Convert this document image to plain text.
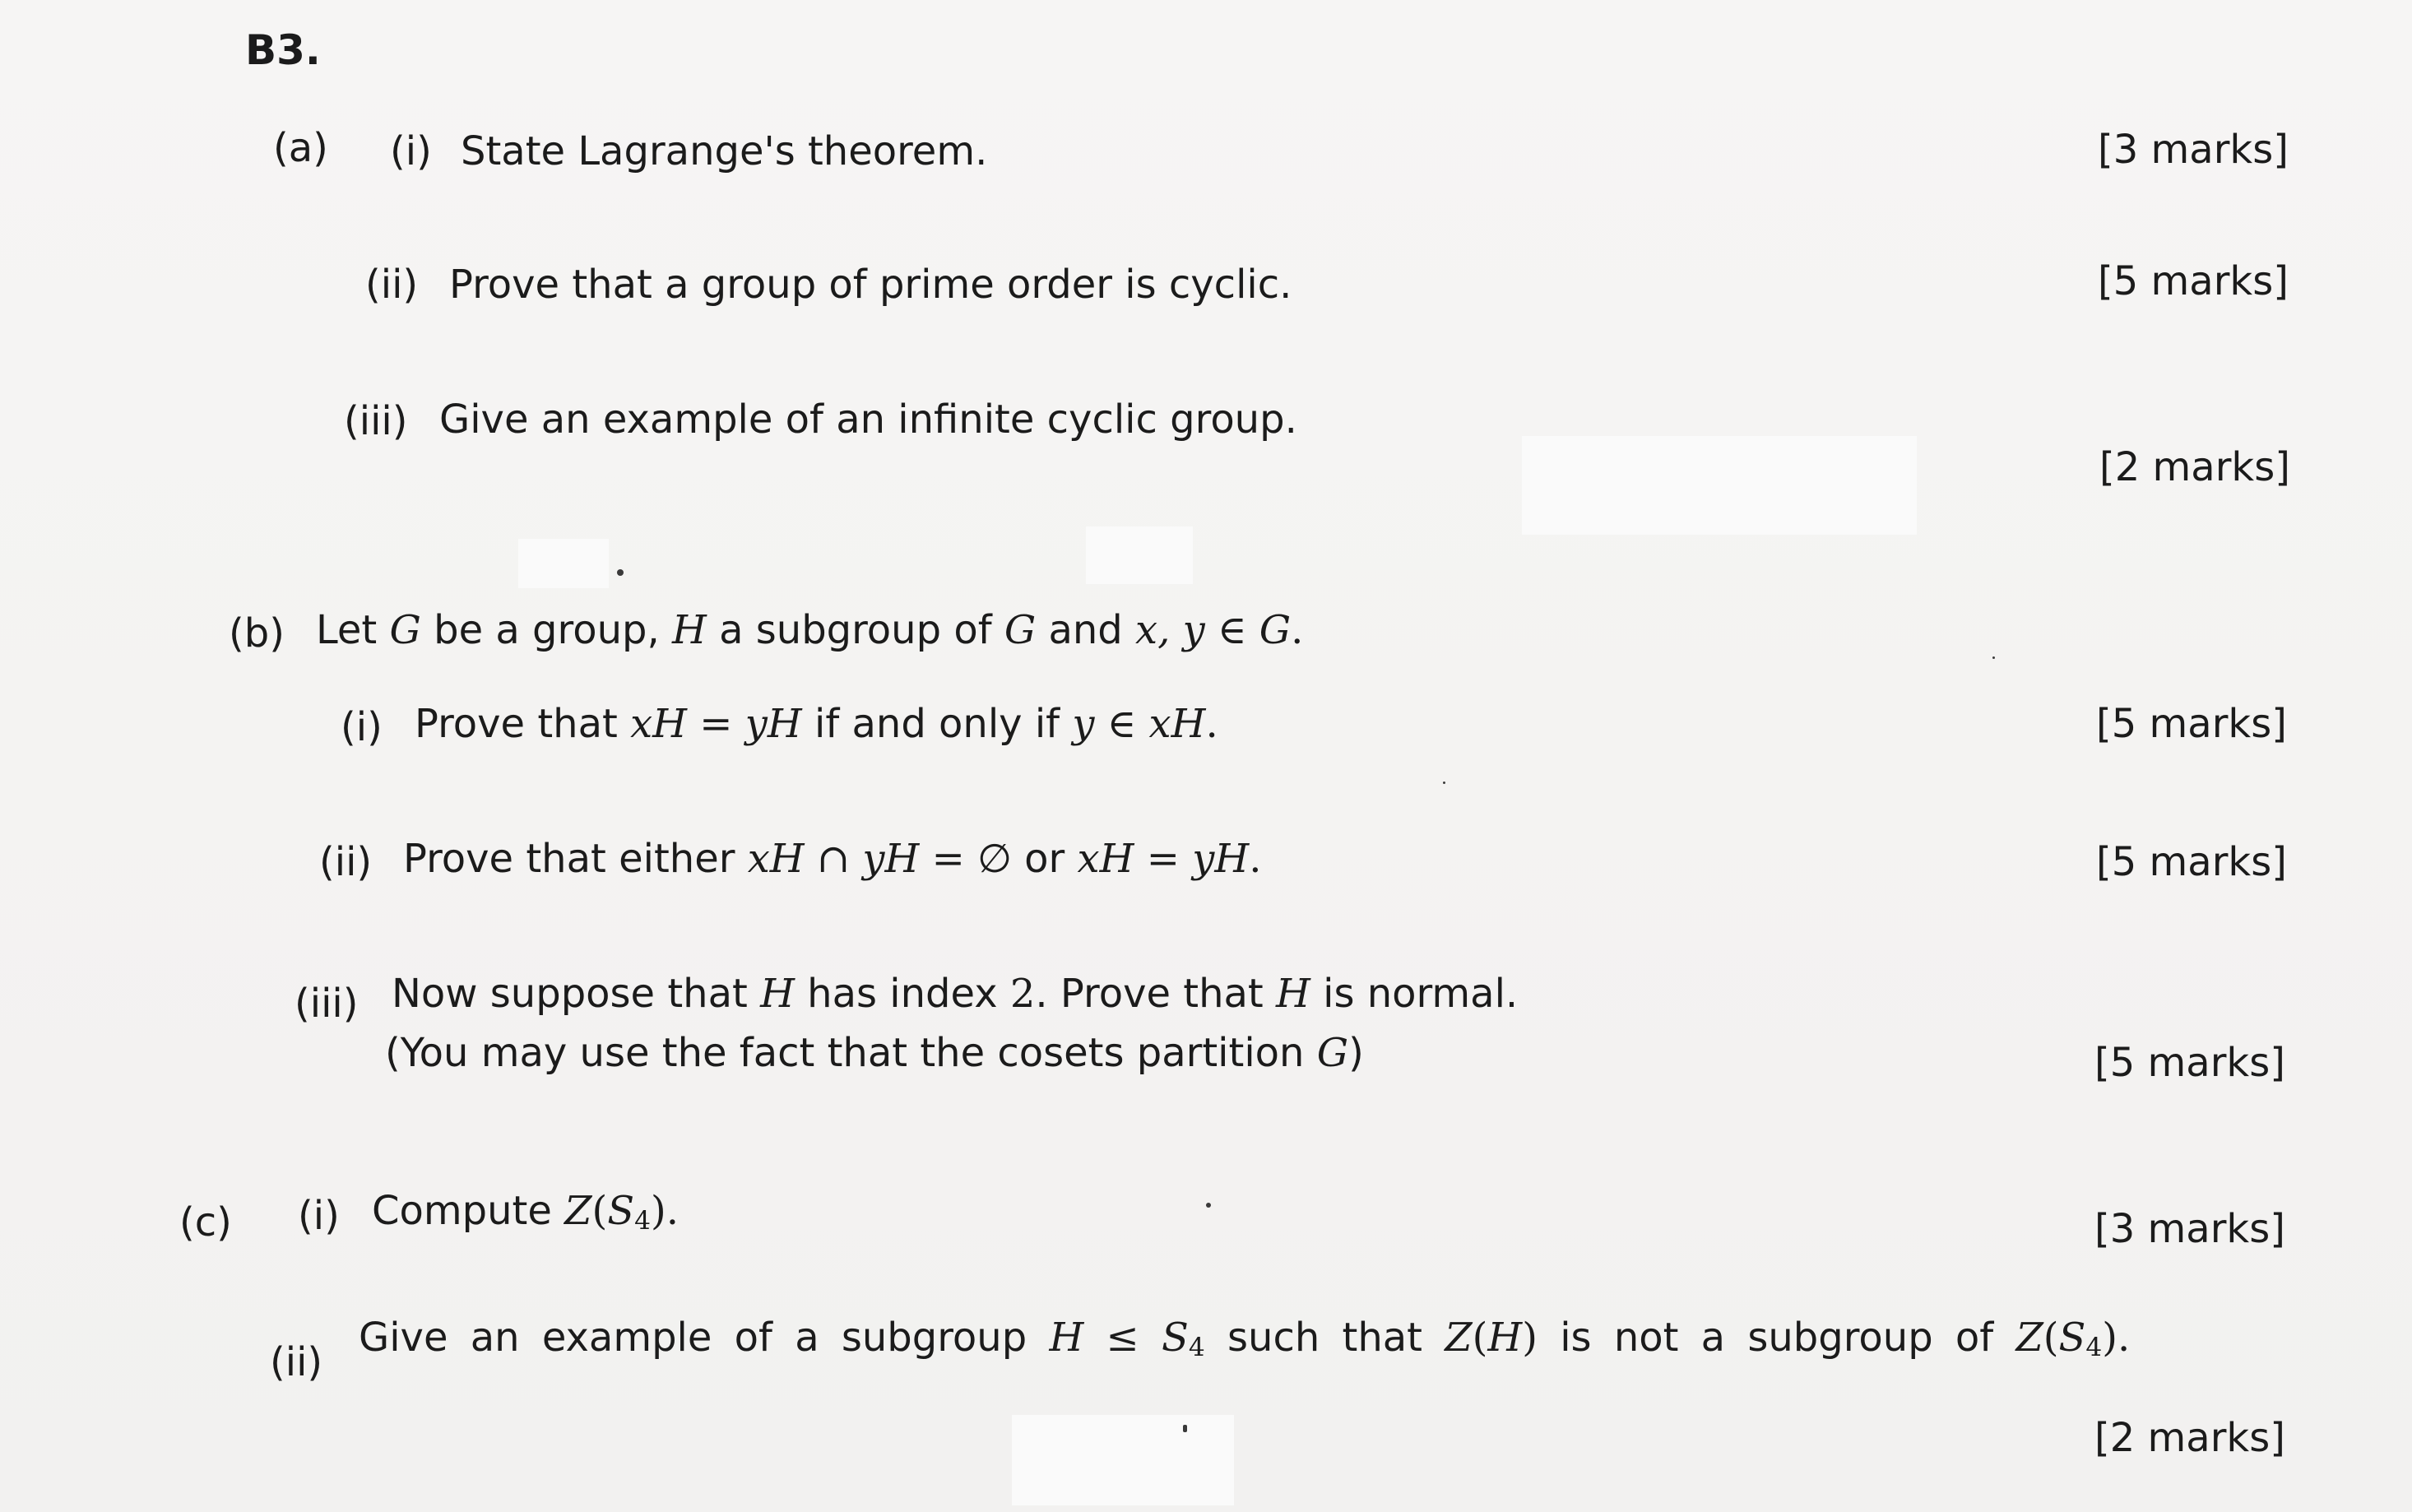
B3.
(a) (i) State Lagrange's theorem.	[3 marks]
(ii) Prove that a group of prime order is cyclic.	[5 marks]
(iii) Give an example of an infinite cyclic group.
[2 marks]
(b) Let G be a group, H a subgroup of G and x, y ∈ G.
(i) Prove that xH = yH if and only if y ∈ xH.	[5 marks]
(ii) Prove that either xH ∩ yH = ∅ or xH = yH.	[5 marks]
(iii) Now suppose that H has index 2. Prove that H is normal.
(You may use the fact that the cosets partition G)	[5 marks]
(c) (i) Compute $Z(S_4)$.	[3 marks]
(ii)
Give an example of a subgroup $H \le S_4$ such that Z(H) is not a subgroup of $Z(S_4)$.
[2 marks]
